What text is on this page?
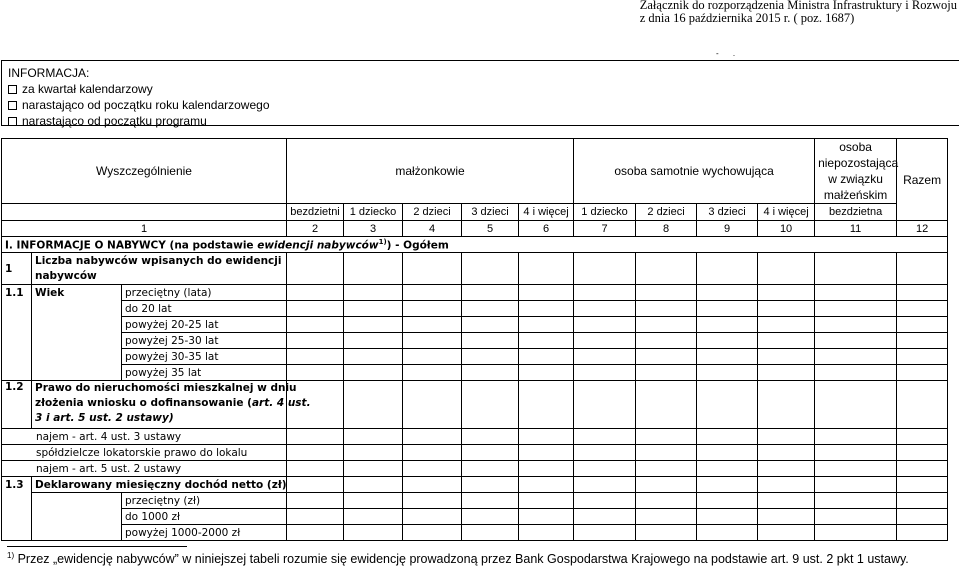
Załącznik do rozporządzenia Ministra Infrastruktury i Rozwoju
z dnia 16 października 2015 r. ( poz. 1687)
- .
INFORMACJA:
za kwartał kalendarzowy
narastająco od początku roku kalendarzowego
narastająco od początku programu
Wyszczególnienie			małżonkowie					osoba samotnie wychowująca				osoba niepozostająca w związku małżeńskim	Razem
			bezdzietni	1 dziecko	2 dzieci	3 dzieci	4 i więcej	1 dziecko	2 dzieci	3 dzieci	4 i więcej	bezdzietna	
1			2	3	4	5	6	7	8	9	10	11	12
I. INFORMACJE O NABYWCY (na podstawie ewidencji nabywców$^{1)}$) - Ogółem													
1	Liczba nabywców wpisanych do ewidencji
nabywców												

1.1	Wiek	przeciętny (lata)											
		do 20 lat											
		powyżej 20-25 lat											
		powyżej 25-30 lat											
		powyżej 30-35 lat											
		powyżej 35 lat											
1.2	Prawo do nieruchomości mieszkalnej w dniu
złożenia wniosku o dofinansowanie (art. 4 ust.
3 i art. 5 ust. 2 ustawy)												

najem - art. 4 ust. 3 ustawy													
spółdzielcze lokatorskie prawo do lokalu													
najem - art. 5 ust. 2 ustawy													
1.3	Deklarowany miesięczny dochód netto (zł)												
		przeciętny (zł)											
		do 1000 zł											
		powyżej 1000-2000 zł											
$^{1)}$ Przez „ewidencję nabywców” w niniejszej tabeli rozumie się ewidencję prowadzoną przez Bank Gospodarstwa Krajowego na podstawie art. 9 ust. 2 pkt 1 ustawy.
